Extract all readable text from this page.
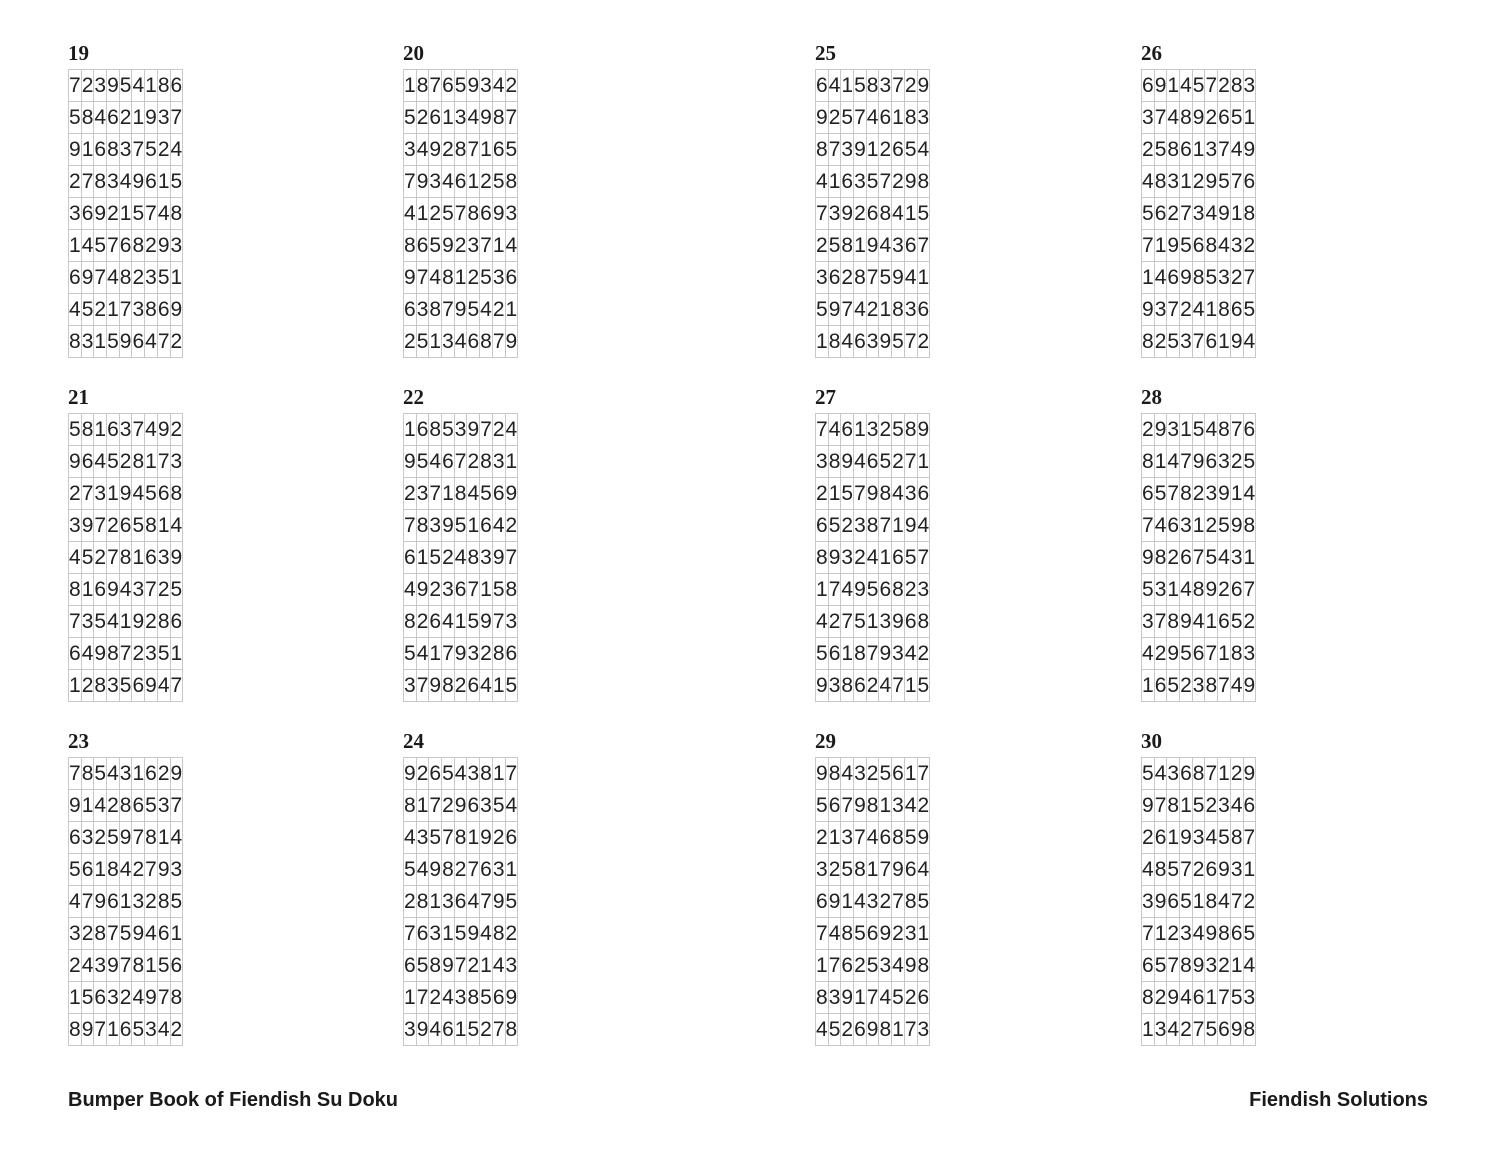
19
7	2	3	9	5	4	1	8	6
5	8	4	6	2	1	9	3	7
9	1	6	8	3	7	5	2	4
2	7	8	3	4	9	6	1	5
3	6	9	2	1	5	7	4	8
1	4	5	7	6	8	2	9	3
6	9	7	4	8	2	3	5	1
4	5	2	1	7	3	8	6	9
8	3	1	5	9	6	4	7	2
20
1	8	7	6	5	9	3	4	2
5	2	6	1	3	4	9	8	7
3	4	9	2	8	7	1	6	5
7	9	3	4	6	1	2	5	8
4	1	2	5	7	8	6	9	3
8	6	5	9	2	3	7	1	4
9	7	4	8	1	2	5	3	6
6	3	8	7	9	5	4	2	1
2	5	1	3	4	6	8	7	9
25
6	4	1	5	8	3	7	2	9
9	2	5	7	4	6	1	8	3
8	7	3	9	1	2	6	5	4
4	1	6	3	5	7	2	9	8
7	3	9	2	6	8	4	1	5
2	5	8	1	9	4	3	6	7
3	6	2	8	7	5	9	4	1
5	9	7	4	2	1	8	3	6
1	8	4	6	3	9	5	7	2
26
6	9	1	4	5	7	2	8	3
3	7	4	8	9	2	6	5	1
2	5	8	6	1	3	7	4	9
4	8	3	1	2	9	5	7	6
5	6	2	7	3	4	9	1	8
7	1	9	5	6	8	4	3	2
1	4	6	9	8	5	3	2	7
9	3	7	2	4	1	8	6	5
8	2	5	3	7	6	1	9	4
21
5	8	1	6	3	7	4	9	2
9	6	4	5	2	8	1	7	3
2	7	3	1	9	4	5	6	8
3	9	7	2	6	5	8	1	4
4	5	2	7	8	1	6	3	9
8	1	6	9	4	3	7	2	5
7	3	5	4	1	9	2	8	6
6	4	9	8	7	2	3	5	1
1	2	8	3	5	6	9	4	7
22
1	6	8	5	3	9	7	2	4
9	5	4	6	7	2	8	3	1
2	3	7	1	8	4	5	6	9
7	8	3	9	5	1	6	4	2
6	1	5	2	4	8	3	9	7
4	9	2	3	6	7	1	5	8
8	2	6	4	1	5	9	7	3
5	4	1	7	9	3	2	8	6
3	7	9	8	2	6	4	1	5
27
7	4	6	1	3	2	5	8	9
3	8	9	4	6	5	2	7	1
2	1	5	7	9	8	4	3	6
6	5	2	3	8	7	1	9	4
8	9	3	2	4	1	6	5	7
1	7	4	9	5	6	8	2	3
4	2	7	5	1	3	9	6	8
5	6	1	8	7	9	3	4	2
9	3	8	6	2	4	7	1	5
28
2	9	3	1	5	4	8	7	6
8	1	4	7	9	6	3	2	5
6	5	7	8	2	3	9	1	4
7	4	6	3	1	2	5	9	8
9	8	2	6	7	5	4	3	1
5	3	1	4	8	9	2	6	7
3	7	8	9	4	1	6	5	2
4	2	9	5	6	7	1	8	3
1	6	5	2	3	8	7	4	9
23
7	8	5	4	3	1	6	2	9
9	1	4	2	8	6	5	3	7
6	3	2	5	9	7	8	1	4
5	6	1	8	4	2	7	9	3
4	7	9	6	1	3	2	8	5
3	2	8	7	5	9	4	6	1
2	4	3	9	7	8	1	5	6
1	5	6	3	2	4	9	7	8
8	9	7	1	6	5	3	4	2
24
9	2	6	5	4	3	8	1	7
8	1	7	2	9	6	3	5	4
4	3	5	7	8	1	9	2	6
5	4	9	8	2	7	6	3	1
2	8	1	3	6	4	7	9	5
7	6	3	1	5	9	4	8	2
6	5	8	9	7	2	1	4	3
1	7	2	4	3	8	5	6	9
3	9	4	6	1	5	2	7	8
29
9	8	4	3	2	5	6	1	7
5	6	7	9	8	1	3	4	2
2	1	3	7	4	6	8	5	9
3	2	5	8	1	7	9	6	4
6	9	1	4	3	2	7	8	5
7	4	8	5	6	9	2	3	1
1	7	6	2	5	3	4	9	8
8	3	9	1	7	4	5	2	6
4	5	2	6	9	8	1	7	3
30
5	4	3	6	8	7	1	2	9
9	7	8	1	5	2	3	4	6
2	6	1	9	3	4	5	8	7
4	8	5	7	2	6	9	3	1
3	9	6	5	1	8	4	7	2
7	1	2	3	4	9	8	6	5
6	5	7	8	9	3	2	1	4
8	2	9	4	6	1	7	5	3
1	3	4	2	7	5	6	9	8
Bumper Book of Fiendish Su Doku	Fiendish Solutions
